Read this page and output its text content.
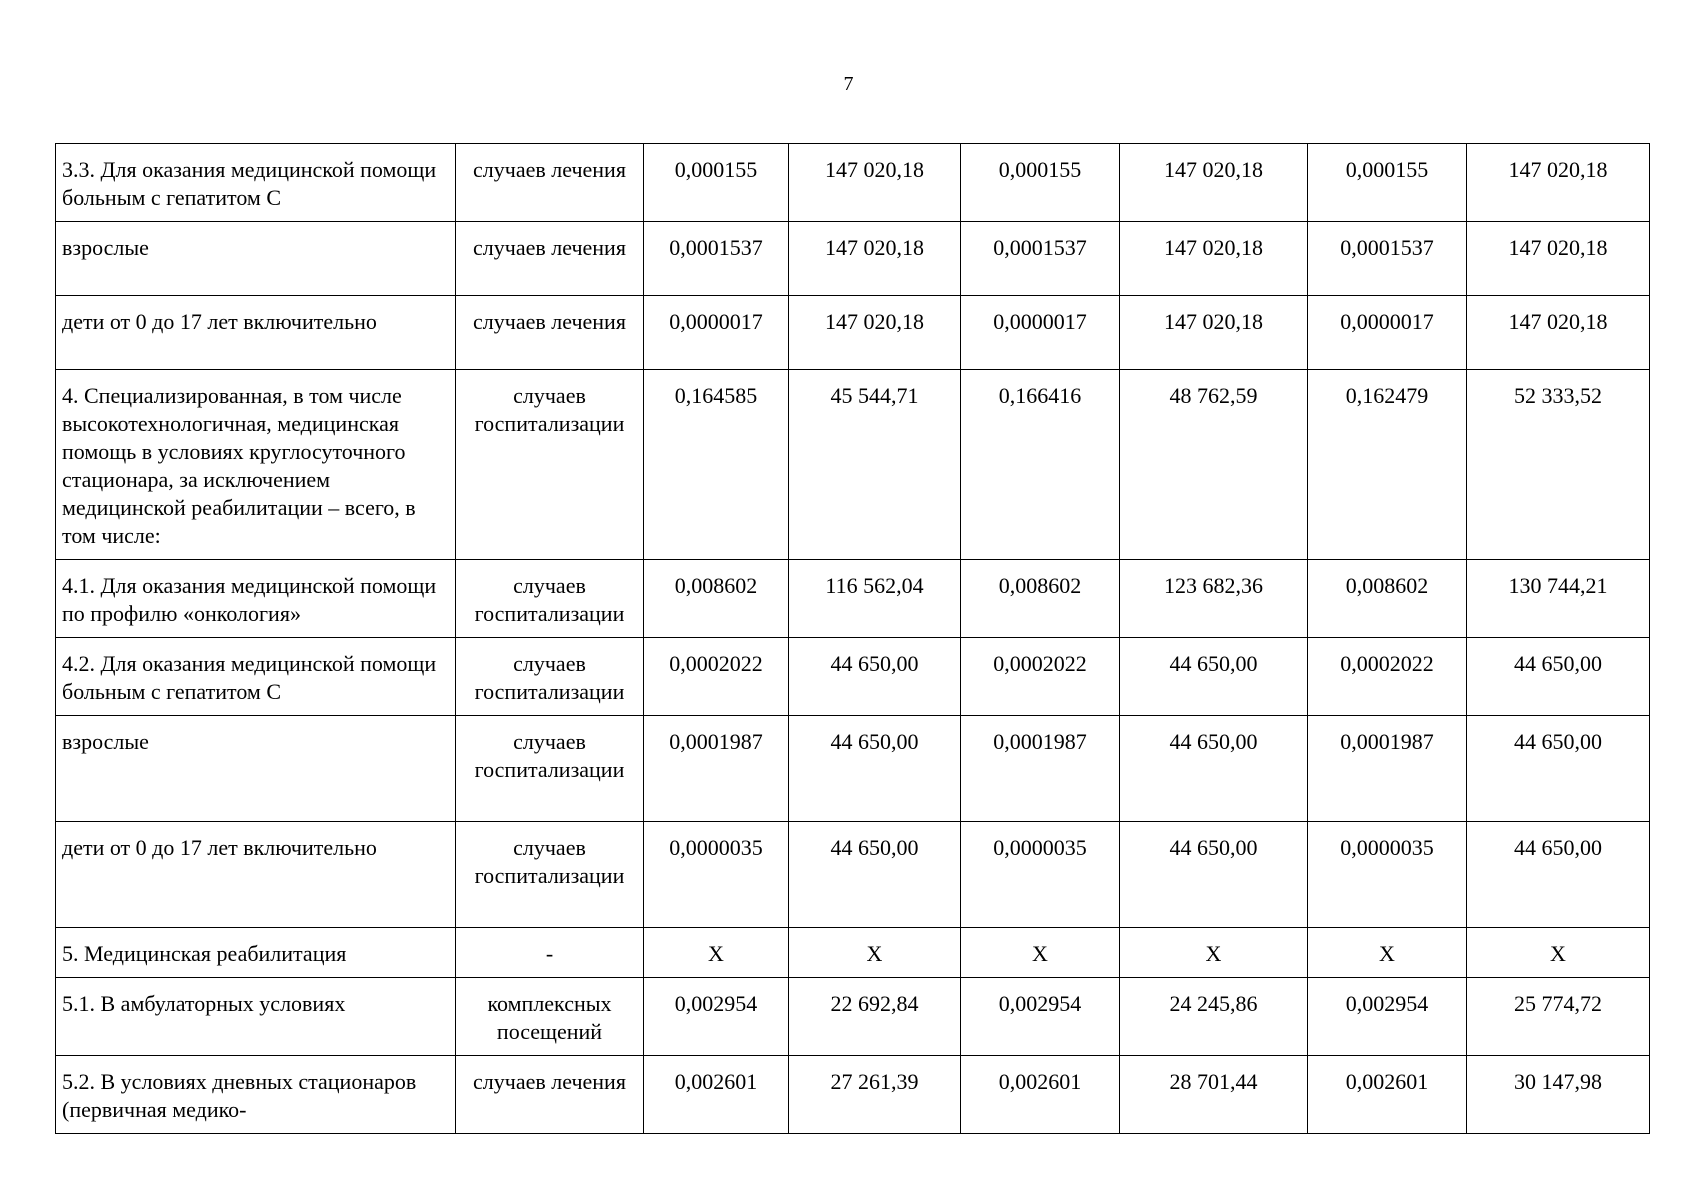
7
3.3. Для оказания медицинской помощи больным с гепатитом С	случаев лечения	0,000155	147 020,18	0,000155	147 020,18	0,000155	147 020,18
взрослые	случаев лечения	0,0001537	147 020,18	0,0001537	147 020,18	0,0001537	147 020,18
дети от 0 до 17 лет включительно	случаев лечения	0,0000017	147 020,18	0,0000017	147 020,18	0,0000017	147 020,18
4. Специализированная, в том числе высокотехнологичная, медицинская помощь в условиях круглосуточного стационара, за исключением медицинской реабилитации – всего, в том числе:	случаев госпитализации	0,164585	45 544,71	0,166416	48 762,59	0,162479	52 333,52
4.1. Для оказания медицинской помощи по профилю «онкология»	случаев госпитализации	0,008602	116 562,04	0,008602	123 682,36	0,008602	130 744,21
4.2. Для оказания медицинской помощи больным с гепатитом С	случаев госпитализации	0,0002022	44 650,00	0,0002022	44 650,00	0,0002022	44 650,00
взрослые	случаев госпитализации	0,0001987	44 650,00	0,0001987	44 650,00	0,0001987	44 650,00
дети от 0 до 17 лет включительно	случаев госпитализации	0,0000035	44 650,00	0,0000035	44 650,00	0,0000035	44 650,00
5. Медицинская реабилитация	-	Х	Х	Х	Х	Х	Х
5.1. В амбулаторных условиях	комплексных посещений	0,002954	22 692,84	0,002954	24 245,86	0,002954	25 774,72
5.2. В условиях дневных стационаров (первичная медико-	случаев лечения	0,002601	27 261,39	0,002601	28 701,44	0,002601	30 147,98
